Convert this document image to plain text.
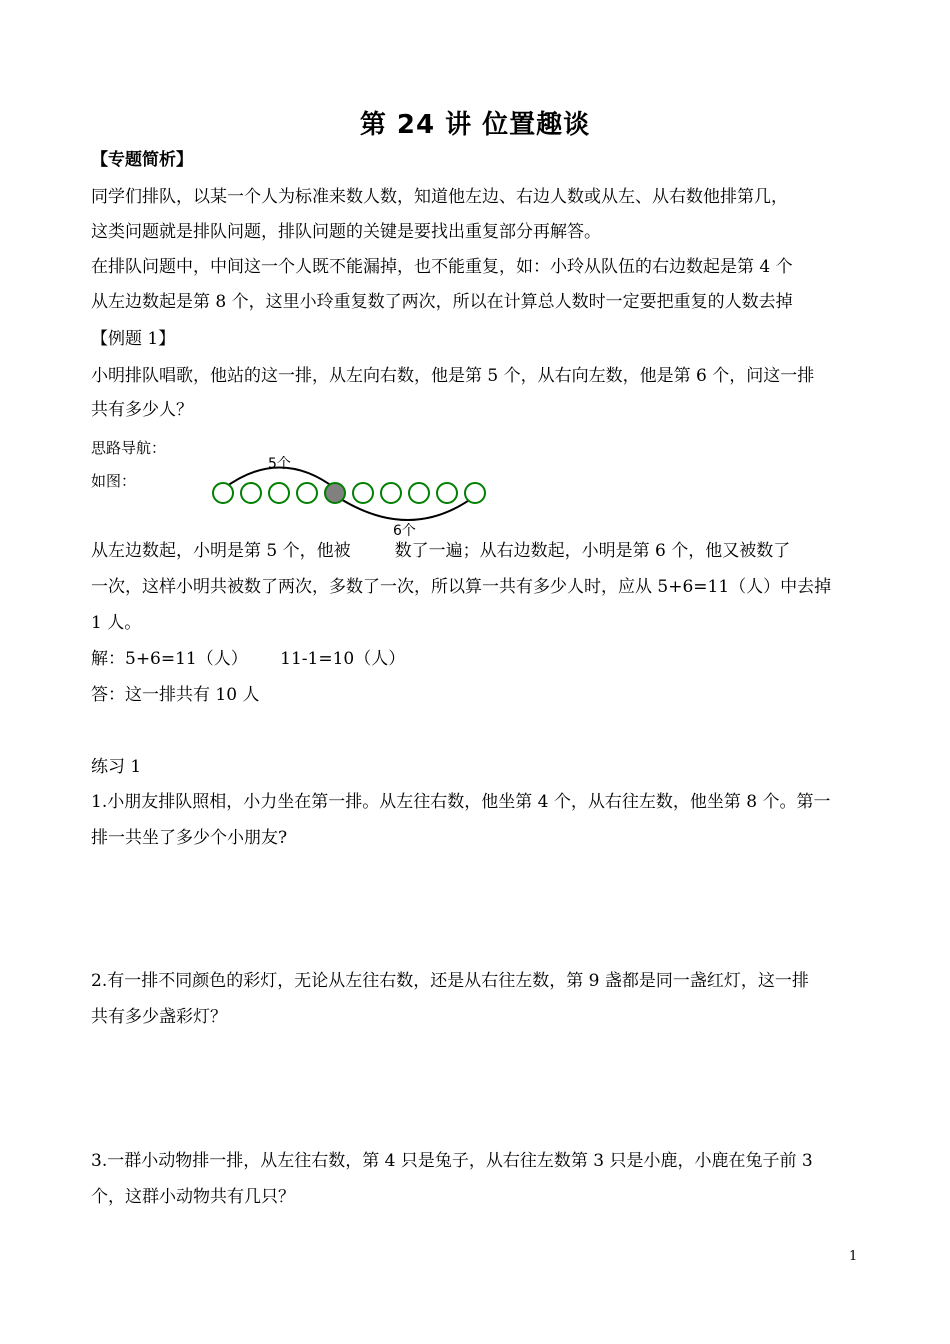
第 24 讲 位置趣谈
【专题简析】
同学们排队，以某一个人为标准来数人数，知道他左边、右边人数或从左、从右数他排第几，
这类问题就是排队问题，排队问题的关键是要找出重复部分再解答。
在排队问题中，中间这一个人既不能漏掉，也不能重复，如：小玲从队伍的右边数起是第 4 个
从左边数起是第 8 个，这里小玲重复数了两次，所以在计算总人数时一定要把重复的人数去掉
【例题 1】
小明排队唱歌，他站的这一排，从左向右数，他是第 5 个，从右向左数，他是第 6 个，问这一排
共有多少人？
思路导航：
如图：
5个
6个
从左边数起，小明是第 5 个，他被	数了一遍；从右边数起，小明是第 6 个，他又被数了
一次，这样小明共被数了两次，多数了一次，所以算一共有多少人时，应从 5+6=11（人）中去掉
1 人。
解：5+6=11（人）      11-1=10（人）
答：这一排共有 10 人
练习 1
1.小朋友排队照相，小力坐在第一排。从左往右数，他坐第 4 个，从右往左数，他坐第 8 个。第一
排一共坐了多少个小朋友?
2.有一排不同颜色的彩灯，无论从左往右数，还是从右往左数，第 9 盏都是同一盏红灯，这一排
共有多少盏彩灯？
3.一群小动物排一排，从左往右数，第 4 只是兔子，从右往左数第 3 只是小鹿，小鹿在兔子前 3
个，这群小动物共有几只？
1
